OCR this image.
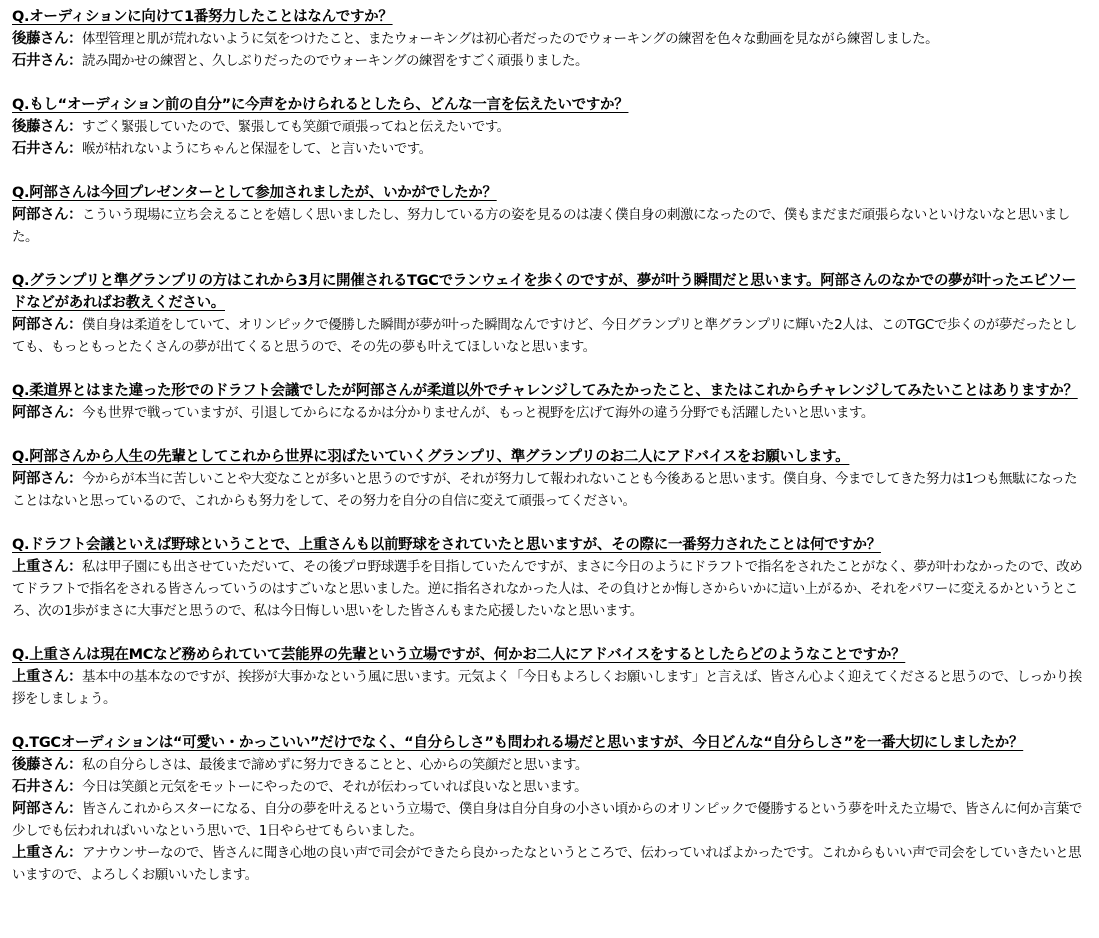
Q.オーディションに向けて1番努力したことはなんですか？
後藤さん：体型管理と肌が荒れないように気をつけたこと、またウォーキングは初心者だったのでウォーキングの練習を色々な動画を見ながら練習しました。
石井さん：読み聞かせの練習と、久しぶりだったのでウォーキングの練習をすごく頑張りました。
Q.もし“オーディション前の自分”に今声をかけられるとしたら、どんな一言を伝えたいですか？
後藤さん：すごく緊張していたので、緊張しても笑顔で頑張ってねと伝えたいです。
石井さん：喉が枯れないようにちゃんと保湿をして、と言いたいです。
Q.阿部さんは今回プレゼンターとして参加されましたが、いかがでしたか？
阿部さん：こういう現場に立ち会えることを嬉しく思いましたし、努力している方の姿を見るのは凄く僕自身の刺激になったので、僕もまだまだ頑張らないといけないなと思いました。
Q.グランプリと準グランプリの方はこれから3月に開催されるTGCでランウェイを歩くのですが、夢が叶う瞬間だと思います。阿部さんのなかでの夢が叶ったエピソードなどがあればお教えください。
阿部さん：僕自身は柔道をしていて、オリンピックで優勝した瞬間が夢が叶った瞬間なんですけど、今日グランプリと準グランプリに輝いた2人は、このTGCで歩くのが夢だったとしても、もっともっとたくさんの夢が出てくると思うので、その先の夢も叶えてほしいなと思います。
Q.柔道界とはまた違った形でのドラフト会議でしたが阿部さんが柔道以外でチャレンジしてみたかったこと、またはこれからチャレンジしてみたいことはありますか？
阿部さん：今も世界で戦っていますが、引退してからになるかは分かりませんが、もっと視野を広げて海外の違う分野でも活躍したいと思います。
Q.阿部さんから人生の先輩としてこれから世界に羽ばたいていくグランプリ、準グランプリのお二人にアドバイスをお願いします。
阿部さん：今からが本当に苦しいことや大変なことが多いと思うのですが、それが努力して報われないことも今後あると思います。僕自身、今までしてきた努力は1つも無駄になったことはないと思っているので、これからも努力をして、その努力を自分の自信に変えて頑張ってください。
Q.ドラフト会議といえば野球ということで、上重さんも以前野球をされていたと思いますが、その際に一番努力されたことは何ですか？
上重さん：私は甲子園にも出させていただいて、その後プロ野球選手を目指していたんですが、まさに今日のようにドラフトで指名をされたことがなく、夢が叶わなかったので、改めてドラフトで指名をされる皆さんっていうのはすごいなと思いました。逆に指名されなかった人は、その負けとか悔しさからいかに這い上がるか、それをパワーに変えるかというところ、次の1歩がまさに大事だと思うので、私は今日悔しい思いをした皆さんもまた応援したいなと思います。
Q.上重さんは現在MCなど務められていて芸能界の先輩という立場ですが、何かお二人にアドバイスをするとしたらどのようなことですか？
上重さん：基本中の基本なのですが、挨拶が大事かなという風に思います。元気よく「今日もよろしくお願いします」と言えば、皆さん心よく迎えてくださると思うので、しっかり挨拶をしましょう。
Q.TGCオーディションは“可愛い・かっこいい”だけでなく、“自分らしさ”も問われる場だと思いますが、今日どんな“自分らしさ”を一番大切にしましたか？
後藤さん：私の自分らしさは、最後まで諦めずに努力できることと、心からの笑顔だと思います。
石井さん：今日は笑顔と元気をモットーにやったので、それが伝わっていれば良いなと思います。
阿部さん：皆さんこれからスターになる、自分の夢を叶えるという立場で、僕自身は自分自身の小さい頃からのオリンピックで優勝するという夢を叶えた立場で、皆さんに何か言葉で少しでも伝われればいいなという思いで、1日やらせてもらいました。
上重さん：アナウンサーなので、皆さんに聞き心地の良い声で司会ができたら良かったなというところで、伝わっていればよかったです。これからもいい声で司会をしていきたいと思いますので、よろしくお願いいたします。
